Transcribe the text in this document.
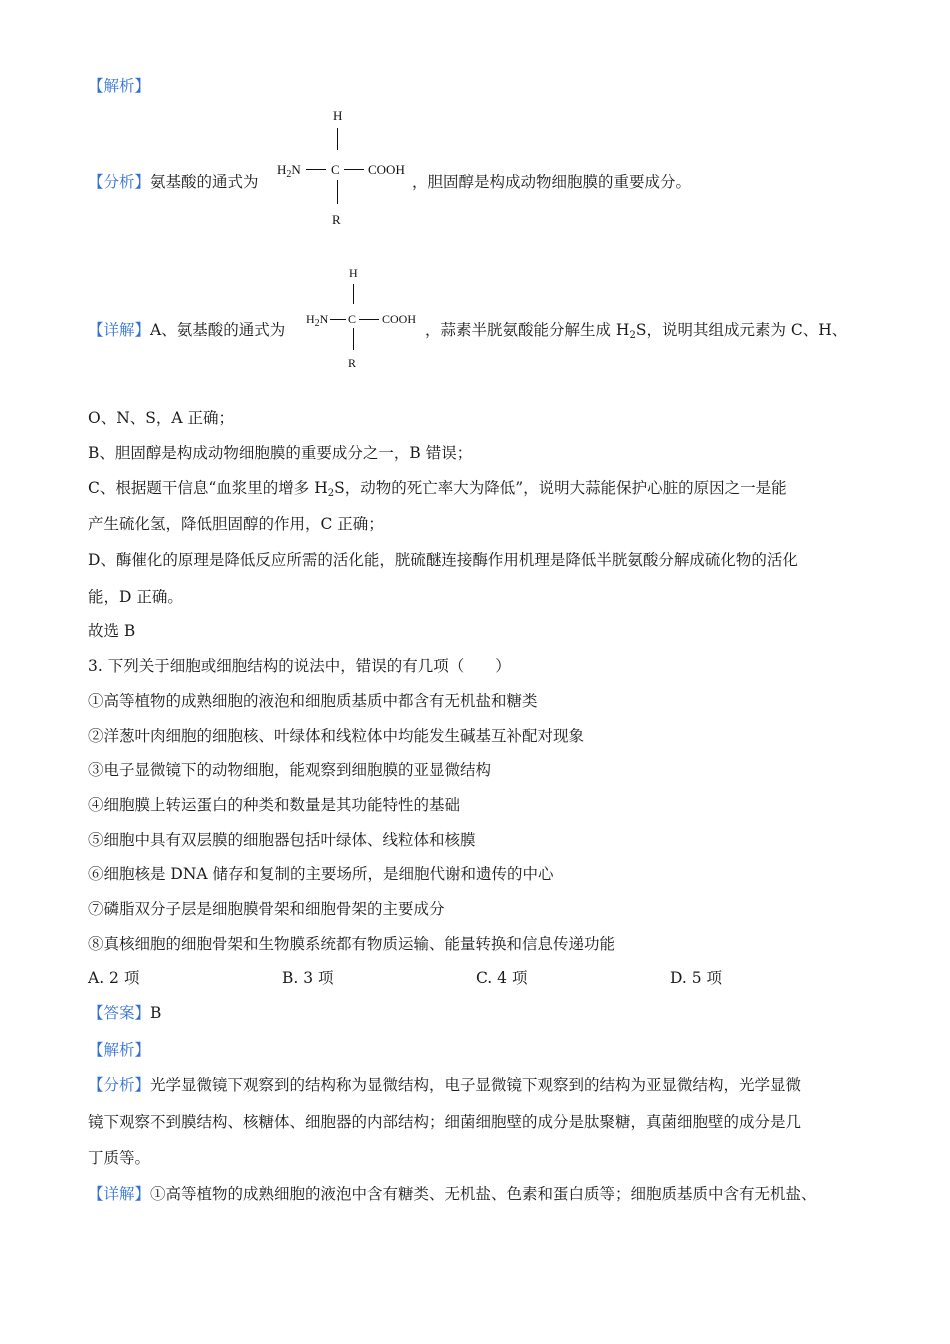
【解析】
【分析】氨基酸的通式为
H
$H_2N$ C COOH
R
，胆固醇是构成动物细胞膜的重要成分。
【详解】A、氨基酸的通式为
H
$H_2N$ C COOH
R
，蒜素半胱氨酸能分解生成 $H_2S$，说明其组成元素为 C、H、
O、N、S，A 正确；
B、胆固醇是构成动物细胞膜的重要成分之一，B 错误；
C、根据题干信息“血浆里的增多 $H_2S$，动物的死亡率大为降低”，说明大蒜能保护心脏的原因之一是能
产生硫化氢，降低胆固醇的作用，C 正确；
D、酶催化的原理是降低反应所需的活化能，胱硫醚连接酶作用机理是降低半胱氨酸分解成硫化物的活化
能，D 正确。
故选 B
3. 下列关于细胞或细胞结构的说法中，错误的有几项（　　）
①高等植物的成熟细胞的液泡和细胞质基质中都含有无机盐和糖类
②洋葱叶肉细胞的细胞核、叶绿体和线粒体中均能发生碱基互补配对现象
③电子显微镜下的动物细胞，能观察到细胞膜的亚显微结构
④细胞膜上转运蛋白的种类和数量是其功能特性的基础
⑤细胞中具有双层膜的细胞器包括叶绿体、线粒体和核膜
⑥细胞核是 DNA 储存和复制的主要场所，是细胞代谢和遗传的中心
⑦磷脂双分子层是细胞膜骨架和细胞骨架的主要成分
⑧真核细胞的细胞骨架和生物膜系统都有物质运输、能量转换和信息传递功能
A. 2 项	B. 3 项	C. 4 项	D. 5 项
【答案】B
【解析】
【分析】光学显微镜下观察到的结构称为显微结构，电子显微镜下观察到的结构为亚显微结构，光学显微
镜下观察不到膜结构、核糖体、细胞器的内部结构；细菌细胞壁的成分是肽聚糖，真菌细胞壁的成分是几
丁质等。
【详解】①高等植物的成熟细胞的液泡中含有糖类、无机盐、色素和蛋白质等；细胞质基质中含有无机盐、
